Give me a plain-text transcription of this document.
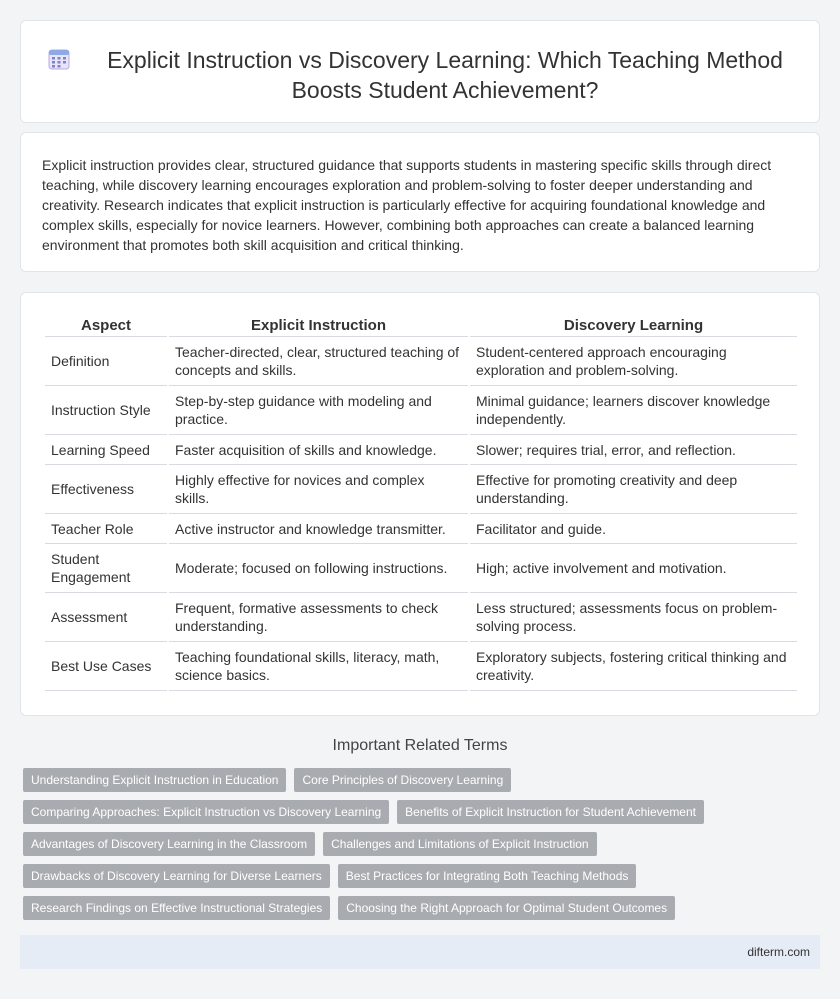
Explicit Instruction vs Discovery Learning: Which Teaching Method Boosts Student Achievement?

Explicit instruction provides clear, structured guidance that supports students in mastering specific skills through direct teaching, while discovery learning encourages exploration and problem-solving to foster deeper understanding and creativity. Research indicates that explicit instruction is particularly effective for acquiring foundational knowledge and complex skills, especially for novice learners. However, combining both approaches can create a balanced learning environment that promotes both skill acquisition and critical thinking.

Aspect	Explicit Instruction	Discovery Learning
Definition	Teacher-directed, clear, structured teaching of concepts and skills.	Student-centered approach encouraging exploration and problem-solving.
Instruction Style	Step-by-step guidance with modeling and practice.	Minimal guidance; learners discover knowledge independently.
Learning Speed	Faster acquisition of skills and knowledge.	Slower; requires trial, error, and reflection.
Effectiveness	Highly effective for novices and complex skills.	Effective for promoting creativity and deep understanding.
Teacher Role	Active instructor and knowledge transmitter.	Facilitator and guide.
Student Engagement	Moderate; focused on following instructions.	High; active involvement and motivation.
Assessment	Frequent, formative assessments to check understanding.	Less structured; assessments focus on problem-solving process.
Best Use Cases	Teaching foundational skills, literacy, math, science basics.	Exploratory subjects, fostering critical thinking and creativity.
Important Related Terms
Understanding Explicit Instruction in Education	Core Principles of Discovery Learning
Comparing Approaches: Explicit Instruction vs Discovery Learning	Benefits of Explicit Instruction for Student Achievement
Advantages of Discovery Learning in the Classroom	Challenges and Limitations of Explicit Instruction
Drawbacks of Discovery Learning for Diverse Learners	Best Practices for Integrating Both Teaching Methods
Research Findings on Effective Instructional Strategies	Choosing the Right Approach for Optimal Student Outcomes
difterm.com
